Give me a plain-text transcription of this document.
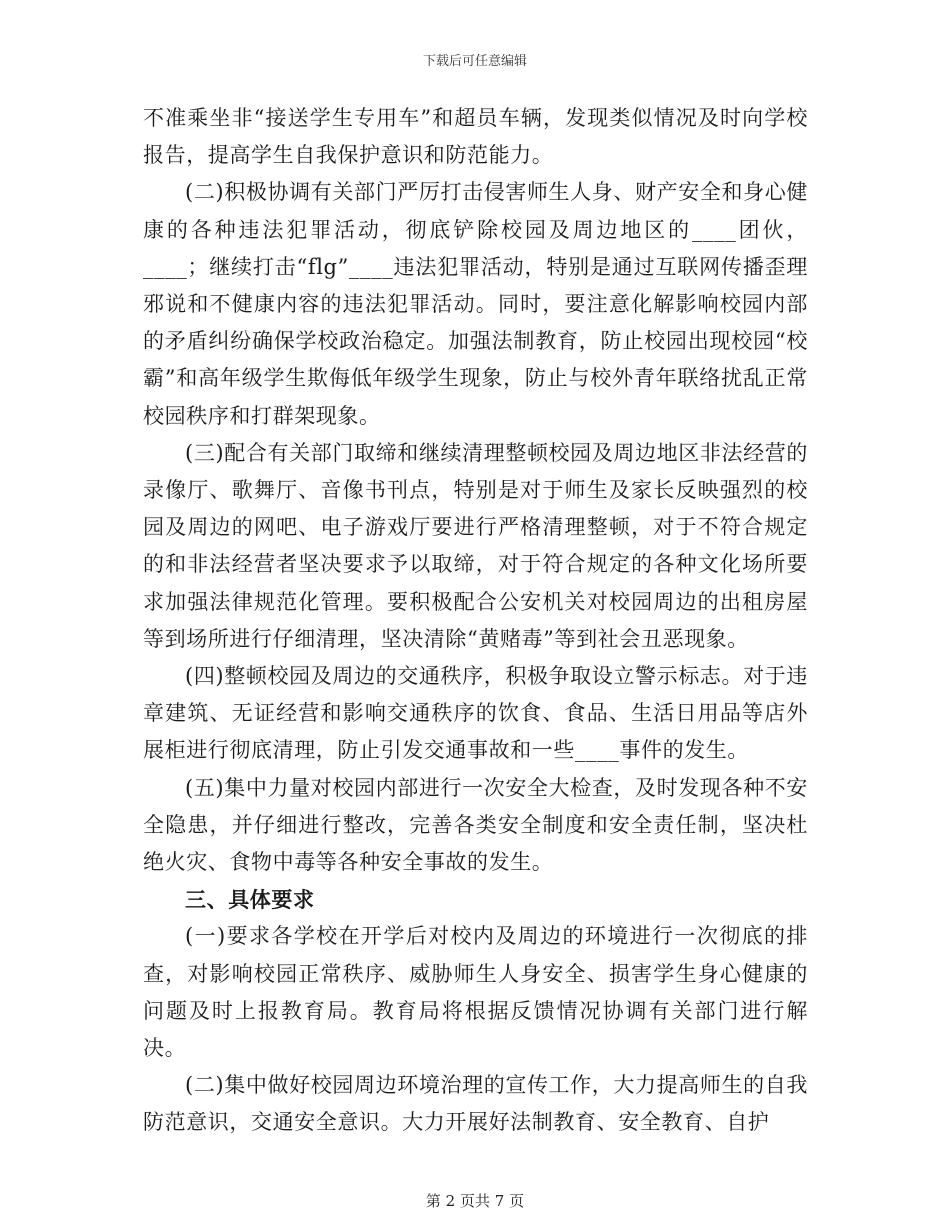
下载后可任意编辑

不准乘坐非“接送学生专用车”和超员车辆，发现类似情况及时向学校报告，提高学生自我保护意识和防范能力。

(二)积极协调有关部门严厉打击侵害师生人身、财产安全和身心健康的各种违法犯罪活动，彻底铲除校园及周边地区的____团伙，____；继续打击“flg”____违法犯罪活动，特别是通过互联网传播歪理邪说和不健康内容的违法犯罪活动。同时，要注意化解影响校园内部的矛盾纠纷确保学校政治稳定。加强法制教育，防止校园出现校园“校霸”和高年级学生欺侮低年级学生现象，防止与校外青年联络扰乱正常校园秩序和打群架现象。

(三)配合有关部门取缔和继续清理整顿校园及周边地区非法经营的录像厅、歌舞厅、音像书刊点，特别是对于师生及家长反映强烈的校园及周边的网吧、电子游戏厅要进行严格清理整顿，对于不符合规定的和非法经营者坚决要求予以取缔，对于符合规定的各种文化场所要求加强法律规范化管理。要积极配合公安机关对校园周边的出租房屋等到场所进行仔细清理，坚决清除“黄赌毒”等到社会丑恶现象。

(四)整顿校园及周边的交通秩序，积极争取设立警示标志。对于违章建筑、无证经营和影响交通秩序的饮食、食品、生活日用品等店外展柜进行彻底清理，防止引发交通事故和一些____事件的发生。

(五)集中力量对校园内部进行一次安全大检查，及时发现各种不安全隐患，并仔细进行整改，完善各类安全制度和安全责任制，坚决杜绝火灾、食物中毒等各种安全事故的发生。

三、具体要求

(一)要求各学校在开学后对校内及周边的环境进行一次彻底的排查，对影响校园正常秩序、威胁师生人身安全、损害学生身心健康的问题及时上报教育局。教育局将根据反馈情况协调有关部门进行解决。

(二)集中做好校园周边环境治理的宣传工作，大力提高师生的自我防范意识，交通安全意识。大力开展好法制教育、安全教育、自护

第 2 页共 7 页
